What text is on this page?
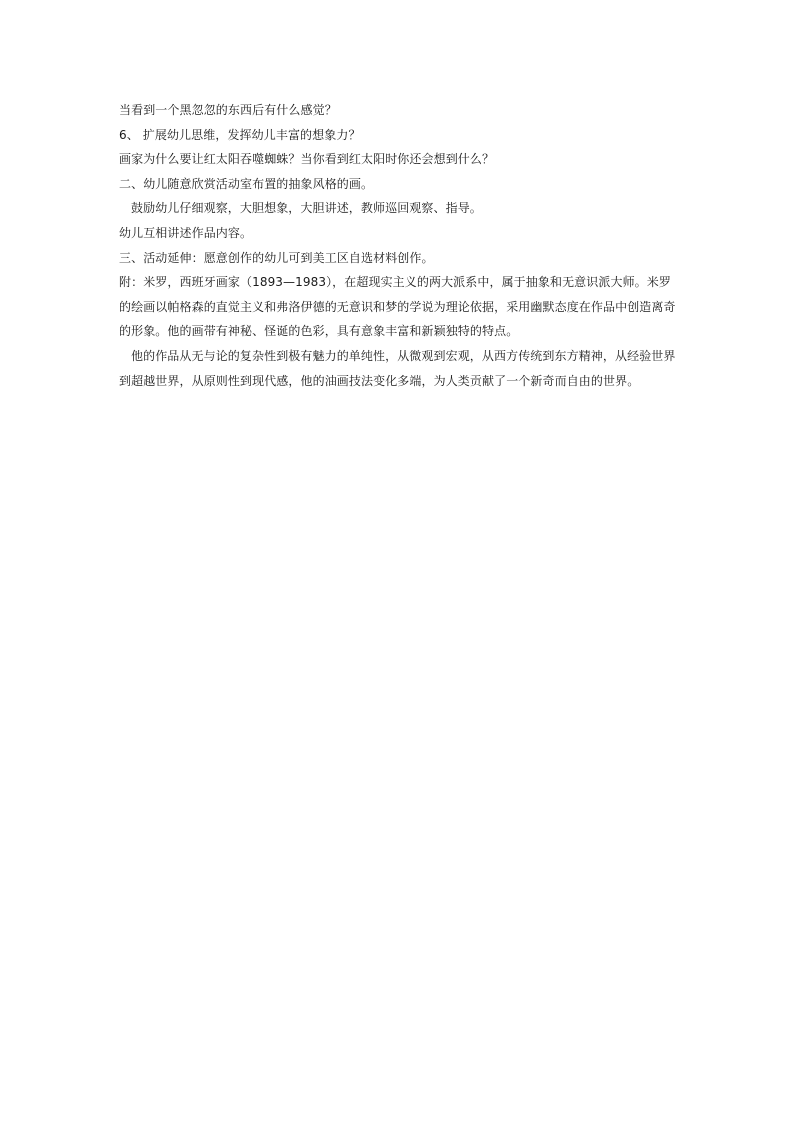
当看到一个黑忽忽的东西后有什么感觉？

6、 扩展幼儿思维，发挥幼儿丰富的想象力？

画家为什么要让红太阳吞噬蜘蛛？当你看到红太阳时你还会想到什么？

二、幼儿随意欣赏活动室布置的抽象风格的画。

鼓励幼儿仔细观察，大胆想象，大胆讲述，教师巡回观察、指导。

幼儿互相讲述作品内容。

三、活动延伸：愿意创作的幼儿可到美工区自选材料创作。

附：米罗，西班牙画家（1893—1983），在超现实主义的两大派系中，属于抽象和无意识派大师。米罗

的绘画以帕格森的直觉主义和弗洛伊德的无意识和梦的学说为理论依据，采用幽默态度在作品中创造离奇

的形象。他的画带有神秘、怪诞的色彩，具有意象丰富和新颖独特的特点。

他的作品从无与论的复杂性到极有魅力的单纯性，从微观到宏观，从西方传统到东方精神，从经验世界

到超越世界，从原则性到现代感，他的油画技法变化多端，为人类贡献了一个新奇而自由的世界。
